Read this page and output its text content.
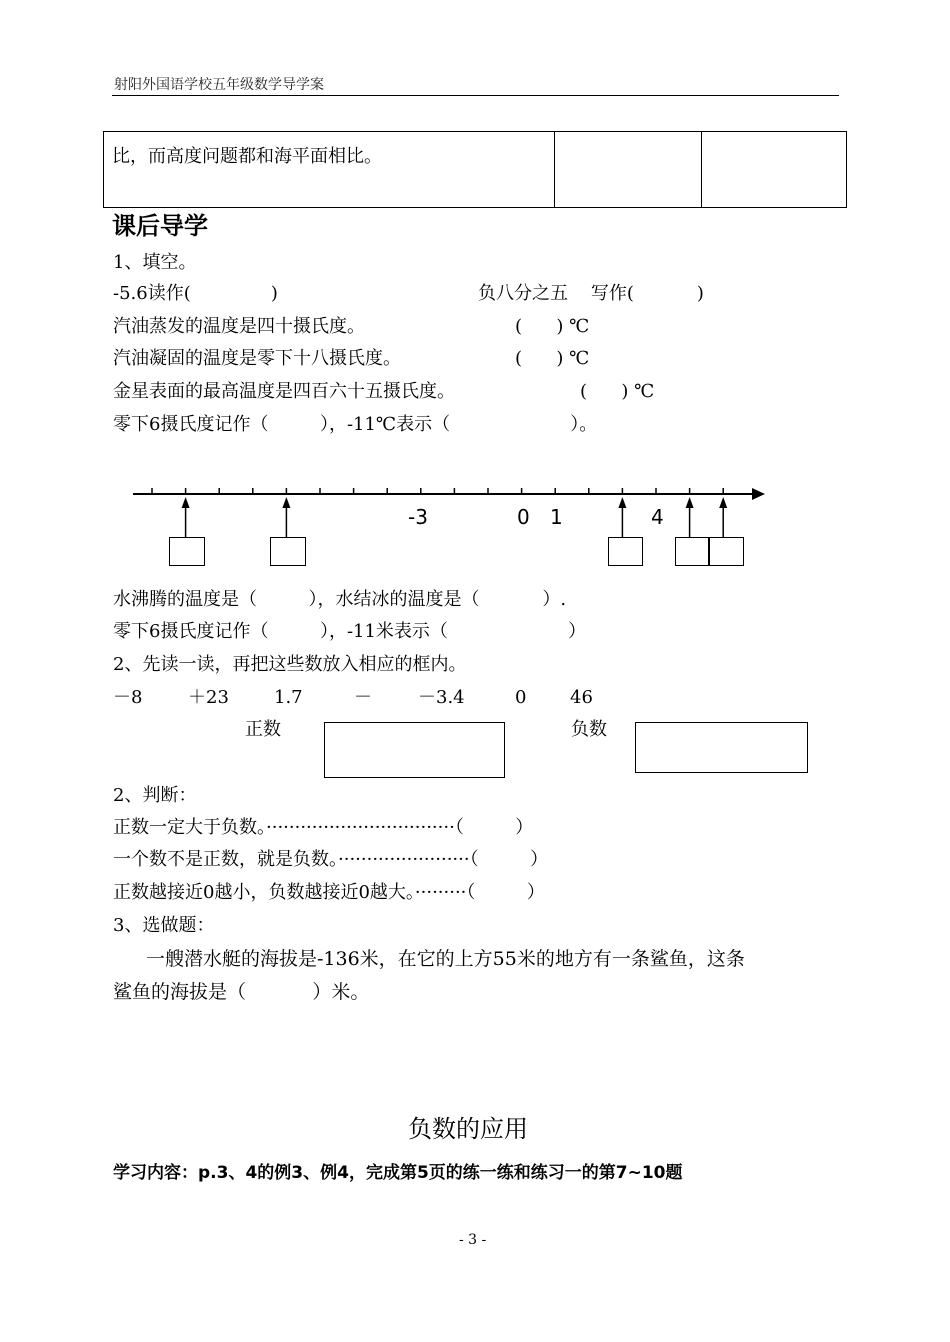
射阳外国语学校五年级数学导学案
比，而高度问题都和海平面相比。
课后导学
1、填空。
-5.6读作(              )	负八分之五    写作(           )
汽油蒸发的温度是四十摄氏度。	(      ) ℃
汽油凝固的温度是零下十八摄氏度。	(      ) ℃
金星表面的最高温度是四百六十五摄氏度。	(      ) ℃
零下6摄氏度记作（         ），-11℃表示（                     ）。
-3	0 1	4
水沸腾的温度是（         ），水结冰的温度是（           ）.
零下6摄氏度记作（         ），-11米表示（                     ）
2、先读一读，再把这些数放入相应的框内。
－8	＋23	1.7	－	－3.4	0 46
正数	负数
2、判断：
正数一定大于负数。·································（         ）
一个数不是正数，就是负数。·······················（         ）
正数越接近0越小，负数越接近0越大。·········（         ）
3、选做题：
一艘潜水艇的海拔是-136米，在它的上方55米的地方有一条鲨鱼，这条
鲨鱼的海拔是（           ）米。
负数的应用
学习内容：p.3、4的例3、例4，完成第5页的练一练和练习一的第7~10题
- 3 -
